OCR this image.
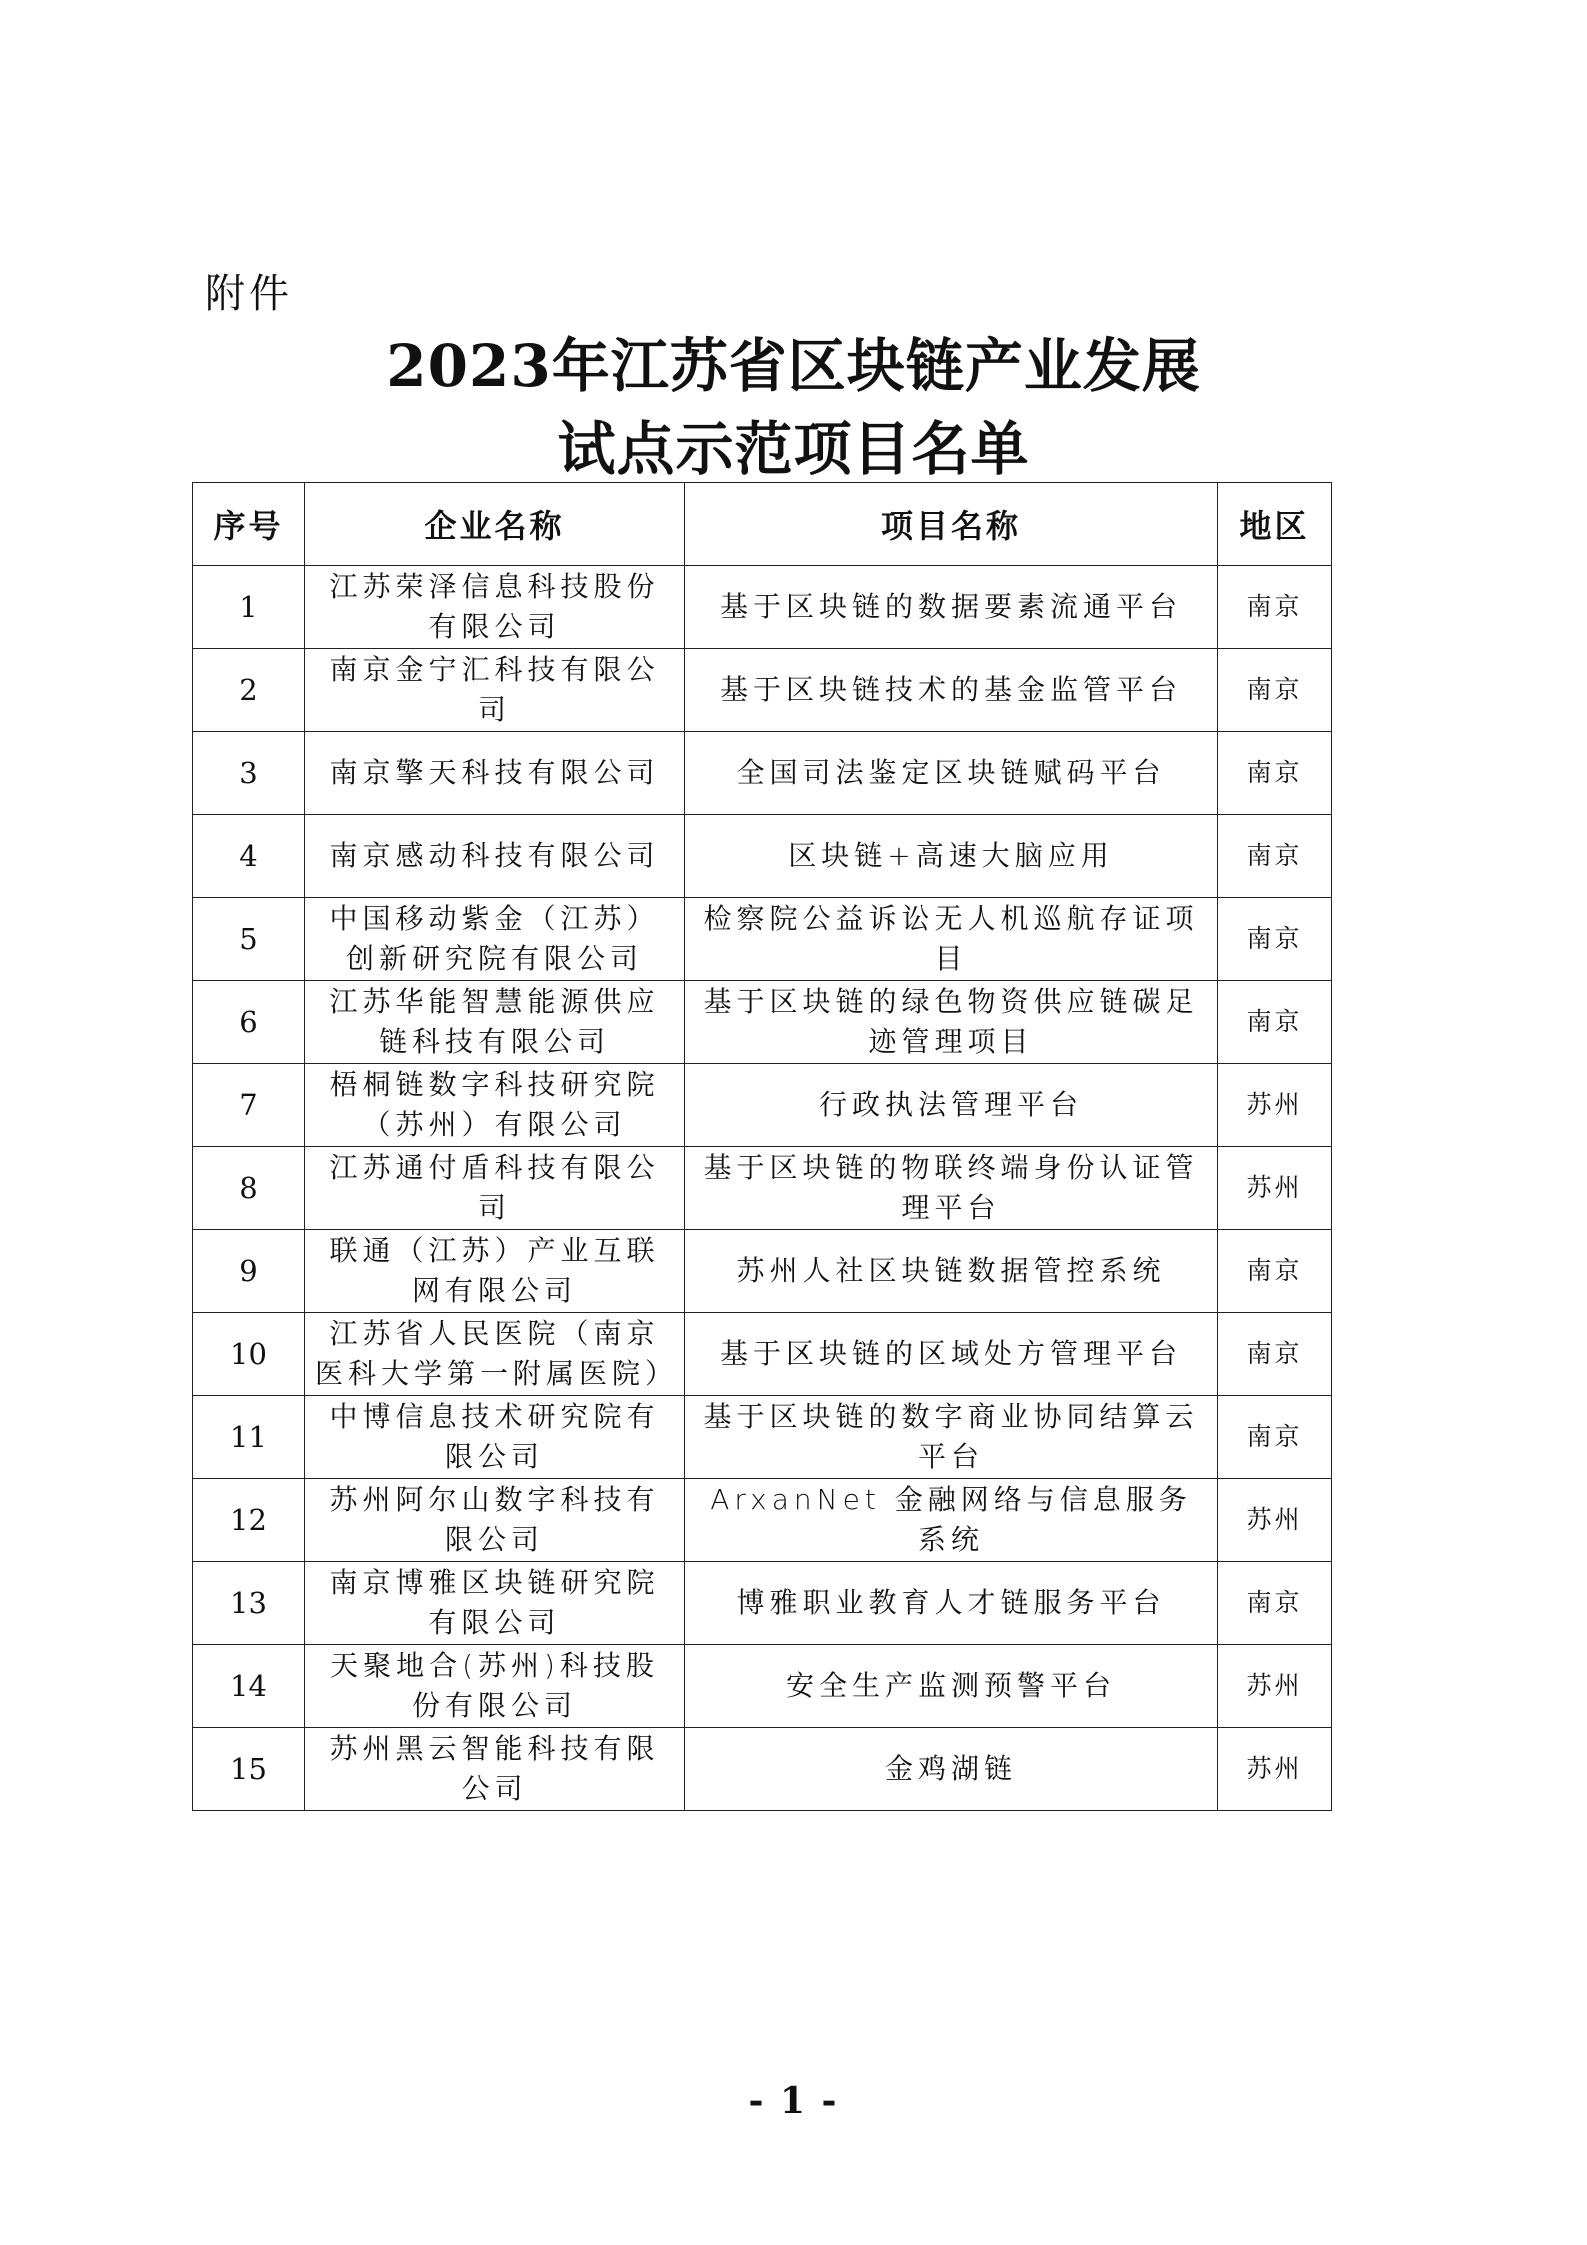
附件
2023年江苏省区块链产业发展
试点示范项目名单
序号	企业名称	项目名称	地区
1	江苏荣泽信息科技股份有限公司	基于区块链的数据要素流通平台	南京
2	南京金宁汇科技有限公司	基于区块链技术的基金监管平台	南京
3	南京擎天科技有限公司	全国司法鉴定区块链赋码平台	南京
4	南京感动科技有限公司	区块链+高速大脑应用	南京
5	中国移动紫金（江苏）创新研究院有限公司	检察院公益诉讼无人机巡航存证项目	南京
6	江苏华能智慧能源供应链科技有限公司	基于区块链的绿色物资供应链碳足迹管理项目	南京
7	梧桐链数字科技研究院（苏州）有限公司	行政执法管理平台	苏州
8	江苏通付盾科技有限公司	基于区块链的物联终端身份认证管理平台	苏州
9	联通（江苏）产业互联网有限公司	苏州人社区块链数据管控系统	南京
10	江苏省人民医院（南京医科大学第一附属医院）	基于区块链的区域处方管理平台	南京
11	中博信息技术研究院有限公司	基于区块链的数字商业协同结算云平台	南京
12	苏州阿尔山数字科技有限公司	ArxanNet 金融网络与信息服务系统	苏州
13	南京博雅区块链研究院有限公司	博雅职业教育人才链服务平台	南京
14	天聚地合(苏州)科技股份有限公司	安全生产监测预警平台	苏州
15	苏州黑云智能科技有限公司	金鸡湖链	苏州
- 1 -
